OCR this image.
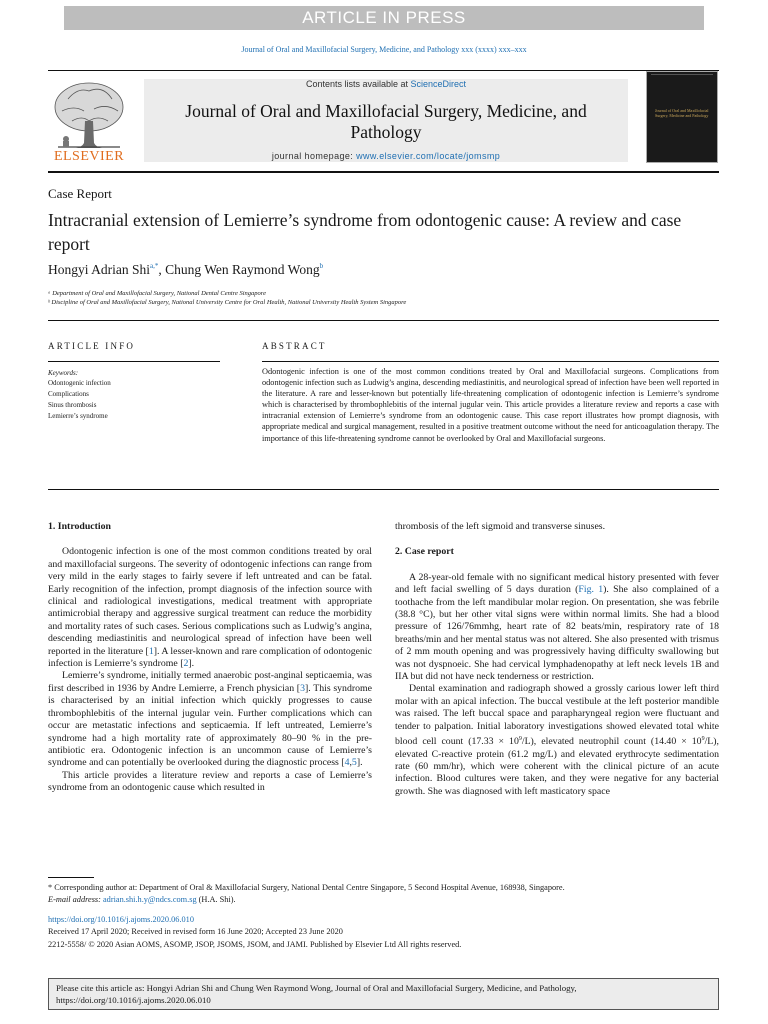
ARTICLE IN PRESS
Journal of Oral and Maxillofacial Surgery, Medicine, and Pathology xxx (xxxx) xxx–xxx
ELSEVIER
Contents lists available at ScienceDirect
Journal of Oral and Maxillofacial Surgery, Medicine, and Pathology
journal homepage: www.elsevier.com/locate/jomsmp
Journal of Oral and Maxillofacial Surgery, Medicine and Pathology
Case Report
Intracranial extension of Lemierre’s syndrome from odontogenic cause: A review and case report
Hongyi Adrian Shi$^{a,*}$, Chung Wen Raymond Wong$^b$
ᵃ Department of Oral and Maxillofacial Surgery, National Dental Centre Singapore
ᵇ Discipline of Oral and Maxillofacial Surgery, National University Centre for Oral Health, National University Health System Singapore
ARTICLE INFO
Keywords:
Odontogenic infection
Complications
Sinus thrombosis
Lemierre’s syndrome
ABSTRACT
Odontogenic infection is one of the most common conditions treated by Oral and Maxillofacial surgeons. Complications from odontogenic infection such as Ludwig’s angina, descending mediastinitis, and neurological spread of infection have been well reported in the literature. A rare and lesser-known but potentially life-threatening complication of odontogenic infection is Lemierre’s syndrome which is characterised by thrombophlebitis of the internal jugular vein. This article provides a literature review and reports a case with intracranial extension of Lemierre’s syndrome from an odontogenic cause. This case report illustrates how prompt diagnosis, with appropriate medical and surgical management, resulted in a positive treatment outcome without the need for anticoagulation therapy. The importance of this life-threatening syndrome cannot be overlooked by Oral and Maxillofacial surgeons.
1. Introduction

Odontogenic infection is one of the most common conditions treated by oral and maxillofacial surgeons. The severity of odontogenic infections can range from very mild in the early stages to fairly severe if left untreated and can be fatal. Early recognition of the infection, prompt diagnosis of the infection source with clinical and radiological investigations, medical treatment with appropriate antimicrobial therapy and aggressive surgical treatment can reduce the morbidity and mortality rates of such cases. Serious complications such as Ludwig’s angina, descending mediastinitis and neurological spread of infection have been well reported in the literature [1]. A lesser-known and rare complication of odontogenic infection is Lemierre’s syndrome [2].

Lemierre’s syndrome, initially termed anaerobic post-anginal septicaemia, was first described in 1936 by Andre Lemierre, a French physician [3]. This syndrome is characterised by an initial infection which quickly progresses to cause thrombophlebitis of the internal jugular vein. Further complications which can occur are metastatic infections and septicaemia. If left untreated, Lemierre’s syndrome had a high mortality rate of approximately 80–90 % in the pre-antibiotic era. Odontogenic infection is an uncommon cause of Lemierre’s syndrome and can potentially be overlooked during the diagnostic process [4,5].

This article provides a literature review and reports a case of Lemierre’s syndrome from an odontogenic cause which resulted in

thrombosis of the left sigmoid and transverse sinuses.

2. Case report

A 28-year-old female with no significant medical history presented with fever and left facial swelling of 5 days duration (Fig. 1). She also complained of a toothache from the left mandibular molar region. On presentation, she was febrile (38.8 °C), but her other vital signs were within normal limits. She had a blood pressure of 126/76mmhg, heart rate of 82 beats/min, respiratory rate of 18 breaths/min and her mental status was not altered. She also presented with trismus of 2 mm mouth opening and was progressively having difficulty swallowing but was not dyspnoeic. She had cervical lymphadenopathy at left neck levels 1B and IIA but did not have neck tenderness or restriction.

Dental examination and radiograph showed a grossly carious lower left third molar with an apical infection. The buccal vestibule at the left posterior mandible was raised. The left buccal space and parapharyngeal region were fluctuant and tender to palpation. Initial laboratory investigations showed elevated total white blood cell count $(17.33 \times 10^9/L)$, elevated neutrophil count $(14.40 \times 10^9/L)$, elevated C-reactive protein (61.2 mg/L) and elevated erythrocyte sedimentation rate (60 mm/hr), which were coherent with the clinical picture of an acute infection. Blood cultures were taken, and they were negative for any bacterial growth. She was diagnosed with left masticatory space

* Corresponding author at: Department of Oral & Maxillofacial Surgery, National Dental Centre Singapore, 5 Second Hospital Avenue, 168938, Singapore.
E-mail address: adrian.shi.h.y@ndcs.com.sg (H.A. Shi).
https://doi.org/10.1016/j.ajoms.2020.06.010
Received 17 April 2020; Received in revised form 16 June 2020; Accepted 23 June 2020
2212-5558/ © 2020 Asian AOMS, ASOMP, JSOP, JSOMS, JSOM, and JAMI. Published by Elsevier Ltd All rights reserved.
Please cite this article as: Hongyi Adrian Shi and Chung Wen Raymond Wong, Journal of Oral and Maxillofacial Surgery, Medicine, and Pathology, https://doi.org/10.1016/j.ajoms.2020.06.010
